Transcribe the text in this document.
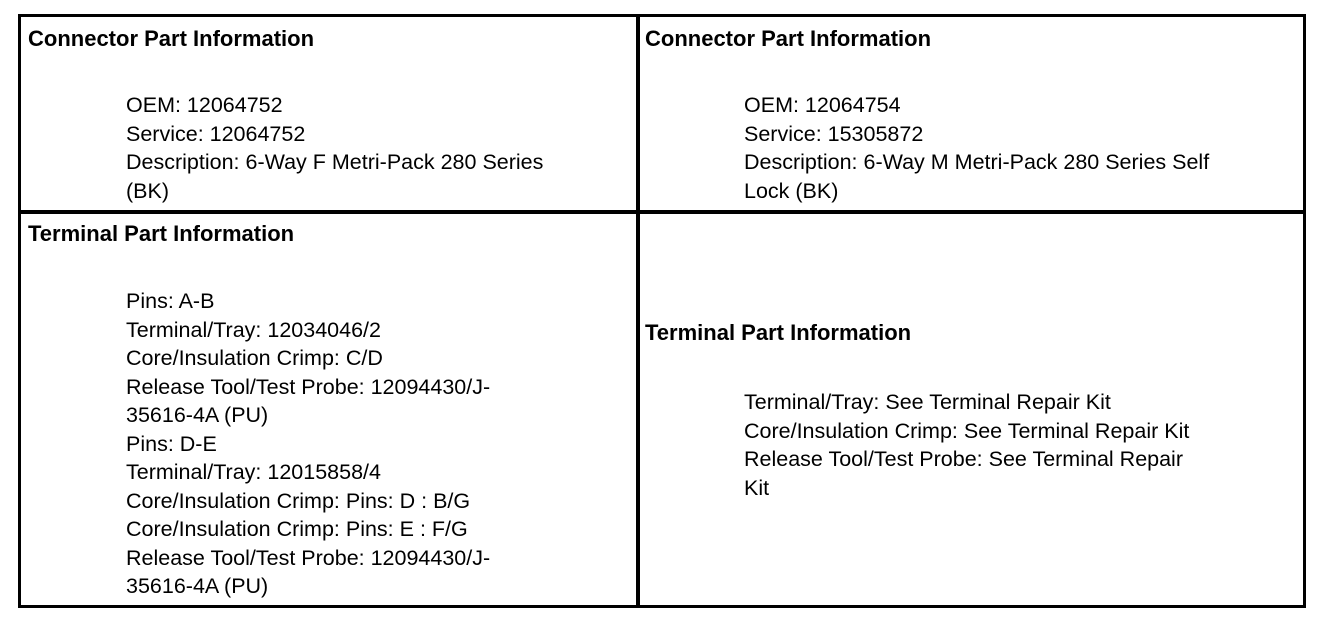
Connector Part Information
OEM: 12064752
Service: 12064752
Description: 6-Way F Metri-Pack 280 Series
(BK)
Connector Part Information
OEM: 12064754
Service: 15305872
Description: 6-Way M Metri-Pack 280 Series Self
Lock (BK)
Terminal Part Information
Pins: A-B
Terminal/Tray: 12034046/2
Core/Insulation Crimp: C/D
Release Tool/Test Probe: 12094430/J-
35616-4A (PU)
Pins: D-E
Terminal/Tray: 12015858/4
Core/Insulation Crimp: Pins: D : B/G
Core/Insulation Crimp: Pins: E : F/G
Release Tool/Test Probe: 12094430/J-
35616-4A (PU)
Terminal Part Information
Terminal/Tray: See Terminal Repair Kit
Core/Insulation Crimp: See Terminal Repair Kit
Release Tool/Test Probe: See Terminal Repair
Kit
